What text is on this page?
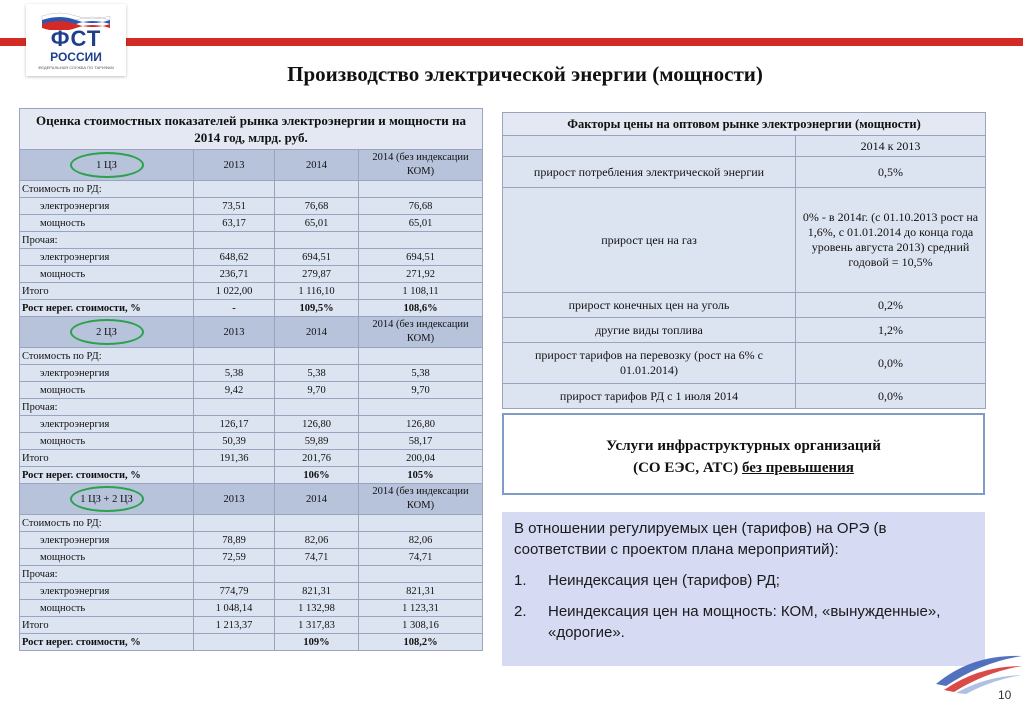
ФСТ
РОССИИ
ФЕДЕРАЛЬНАЯ СЛУЖБА ПО ТАРИФАМ	Производство электрической энергии (мощности)
Оценка стоимостных показателей рынка электроэнергии и мощности на 2014 год, млрд. руб.			
1 ЦЗ	2013	2014	2014 (без индексации КОМ)
Стоимость по РД:			
электроэнергия	73,51	76,68	76,68
мощность	63,17	65,01	65,01
Прочая:			
электроэнергия	648,62	694,51	694,51
мощность	236,71	279,87	271,92
Итого	1 022,00	1 116,10	1 108,11
Рост нерег. стоимости, %	-	109,5%	108,6%
2 ЦЗ	2013	2014	2014 (без индексации КОМ)
Стоимость по РД:			
электроэнергия	5,38	5,38	5,38
мощность	9,42	9,70	9,70
Прочая:			
электроэнергия	126,17	126,80	126,80
мощность	50,39	59,89	58,17
Итого	191,36	201,76	200,04
Рост нерег. стоимости, %		106%	105%
1 ЦЗ + 2 ЦЗ	2013	2014	2014 (без индексации КОМ)
Стоимость по РД:			
электроэнергия	78,89	82,06	82,06
мощность	72,59	74,71	74,71
Прочая:			
электроэнергия	774,79	821,31	821,31
мощность	1 048,14	1 132,98	1 123,31
Итого	1 213,37	1 317,83	1 308,16
Рост нерег. стоимости, %		109%	108,2%
Факторы цены на оптовом рынке электроэнергии (мощности)	
	2014 к 2013
прирост потребления электрической энергии	0,5%
прирост цен на газ	0% - в 2014г. (с 01.10.2013 рост на 1,6%, с 01.01.2014 до конца года уровень августа 2013) средний годовой = 10,5%
прирост конечных цен на уголь	0,2%
другие виды топлива	1,2%
прирост тарифов на перевозку (рост на 6% с 01.01.2014)	0,0%
прирост тарифов РД с 1 июля 2014	0,0%
Услуги инфраструктурных организаций
(СО ЕЭС, АТС) без превышения

В отношении регулируемых цен (тарифов) на ОРЭ (в соответствии с проектом плана мероприятий):

1.	Неиндексация цен (тарифов) РД;
2.	Неиндексация цен на мощность: КОМ, «вынужденные», «дорогие».
10
